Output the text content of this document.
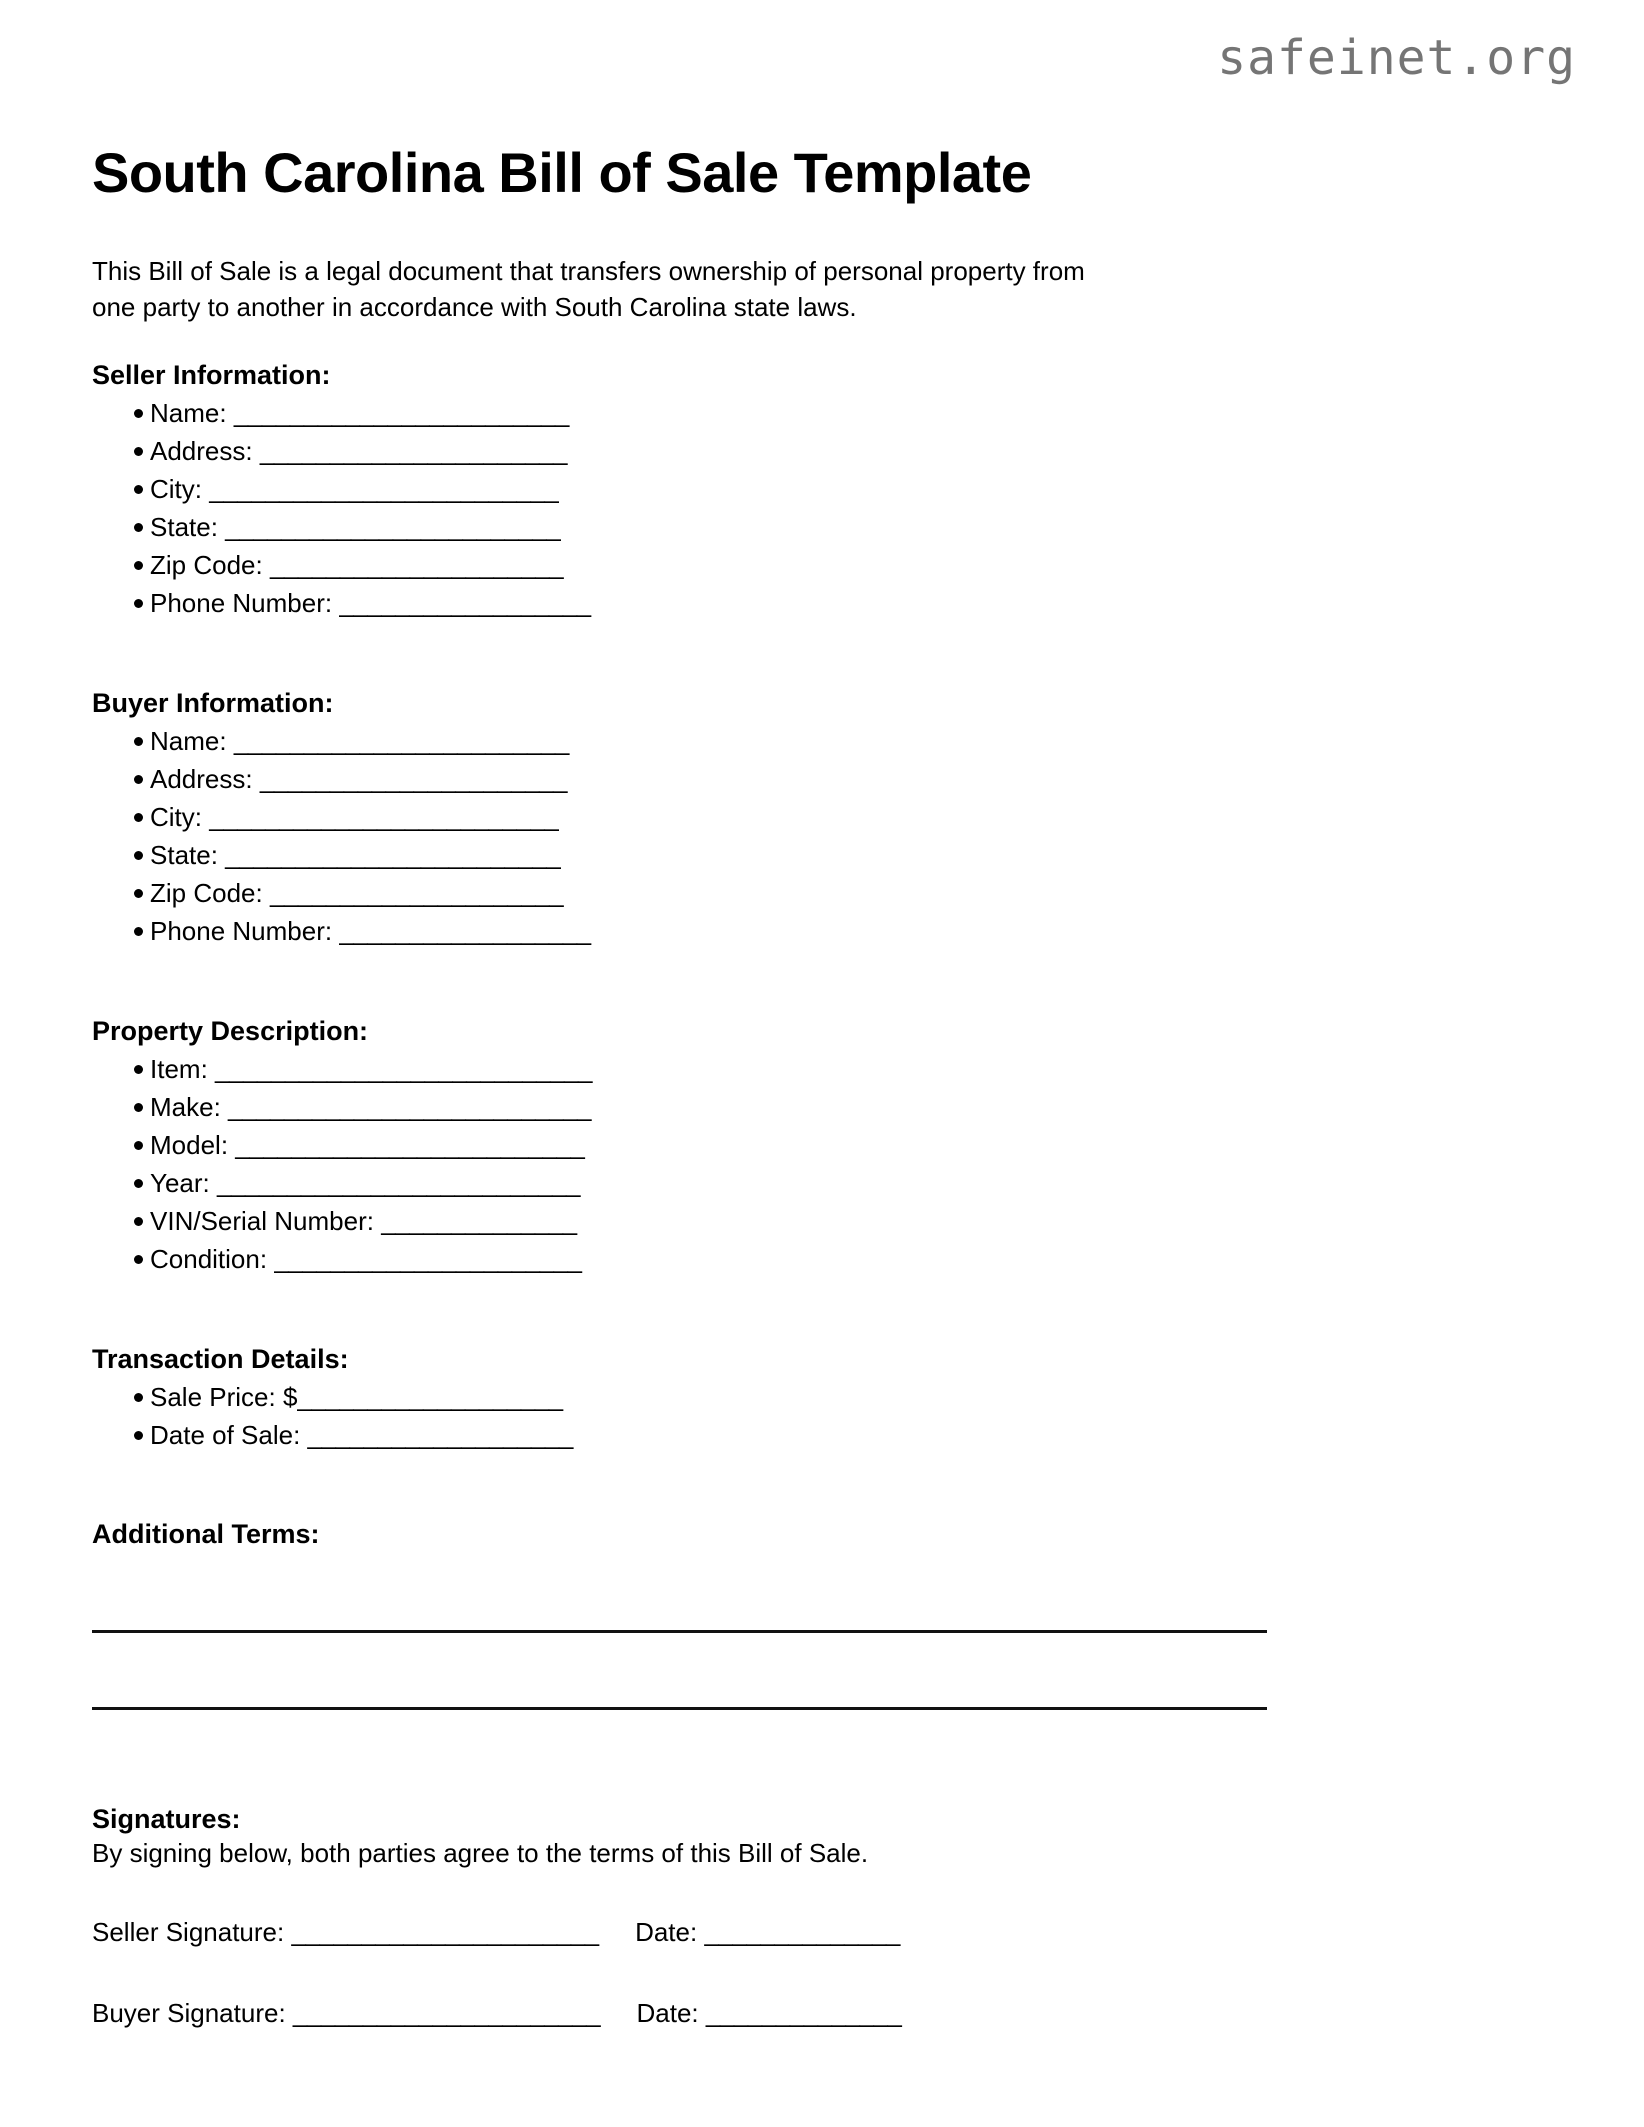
safeinet.org
South Carolina Bill of Sale Template

This Bill of Sale is a legal document that transfers ownership of personal property from
one party to another in accordance with South Carolina state laws.

Seller Information:
Name: ________________________
Address: ______________________
City: _________________________
State: ________________________
Zip Code: _____________________
Phone Number: __________________
Buyer Information:
Name: ________________________
Address: ______________________
City: _________________________
State: ________________________
Zip Code: _____________________
Phone Number: __________________
Property Description:
Item: ___________________________
Make: __________________________
Model: _________________________
Year: __________________________
VIN/Serial Number: ______________
Condition: ______________________
Transaction Details:
Sale Price: $___________________
Date of Sale: ___________________
Additional Terms:
Signatures:
By signing below, both parties agree to the terms of this Bill of Sale.
Seller Signature: ______________________ Date: ______________
Buyer Signature: ______________________ Date: ______________
